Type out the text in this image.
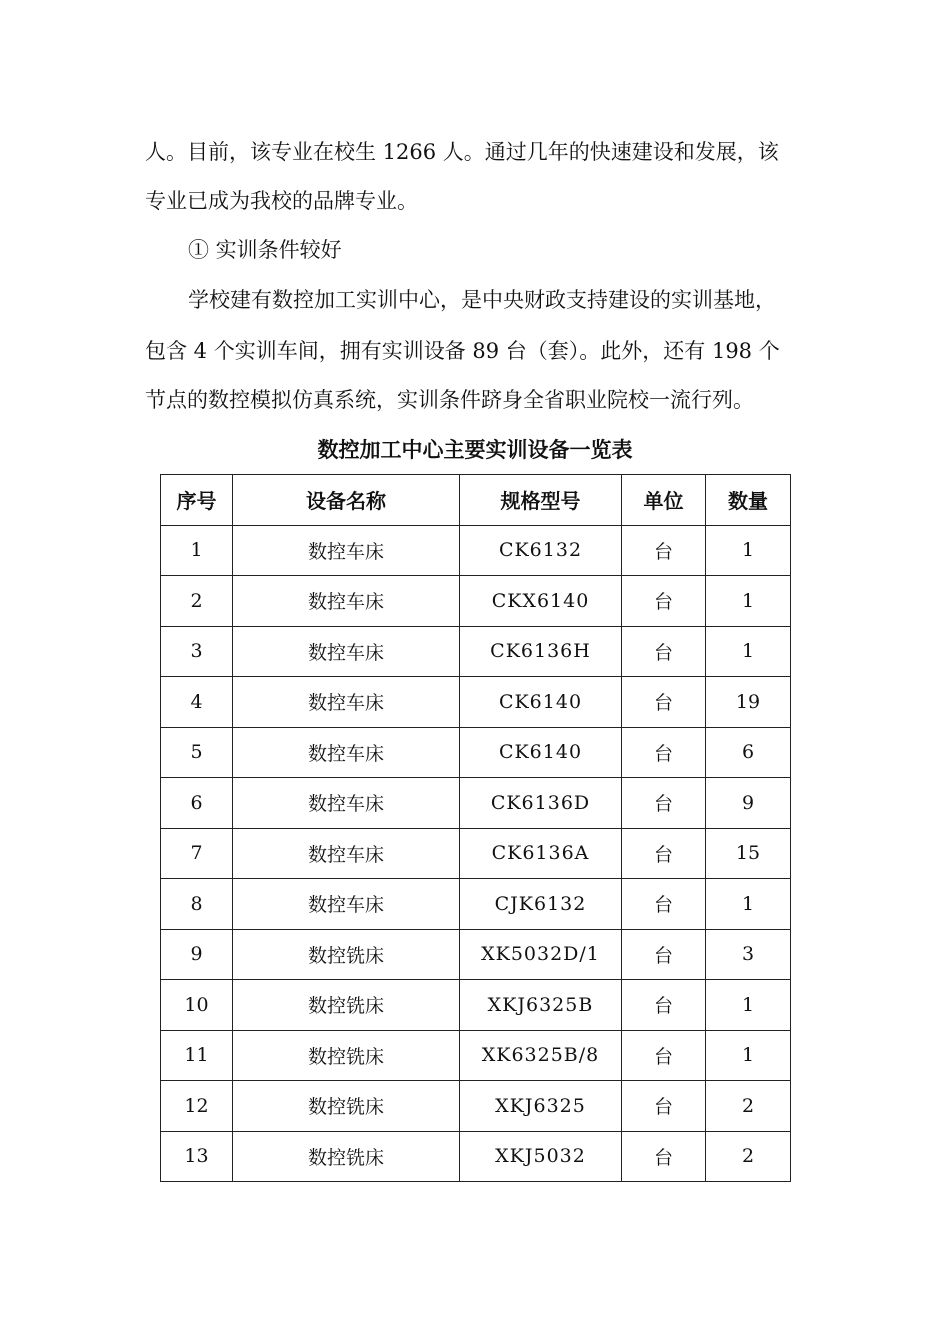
人。目前，该专业在校生 1266 人。通过几年的快速建设和发展，该
专业已成为我校的品牌专业。
① 实训条件较好
学校建有数控加工实训中心，是中央财政支持建设的实训基地，
包含 4 个实训车间，拥有实训设备 89 台（套）。此外，还有 198 个
节点的数控模拟仿真系统，实训条件跻身全省职业院校一流行列。
数控加工中心主要实训设备一览表
序号	设备名称	规格型号	单位	数量
1	数控车床	CK6132	台	1
2	数控车床	CKX6140	台	1
3	数控车床	CK6136H	台	1
4	数控车床	CK6140	台	19
5	数控车床	CK6140	台	6
6	数控车床	CK6136D	台	9
7	数控车床	CK6136A	台	15
8	数控车床	CJK6132	台	1
9	数控铣床	XK5032D/1	台	3
10	数控铣床	XKJ6325B	台	1
11	数控铣床	XK6325B/8	台	1
12	数控铣床	XKJ6325	台	2
13	数控铣床	XKJ5032	台	2
